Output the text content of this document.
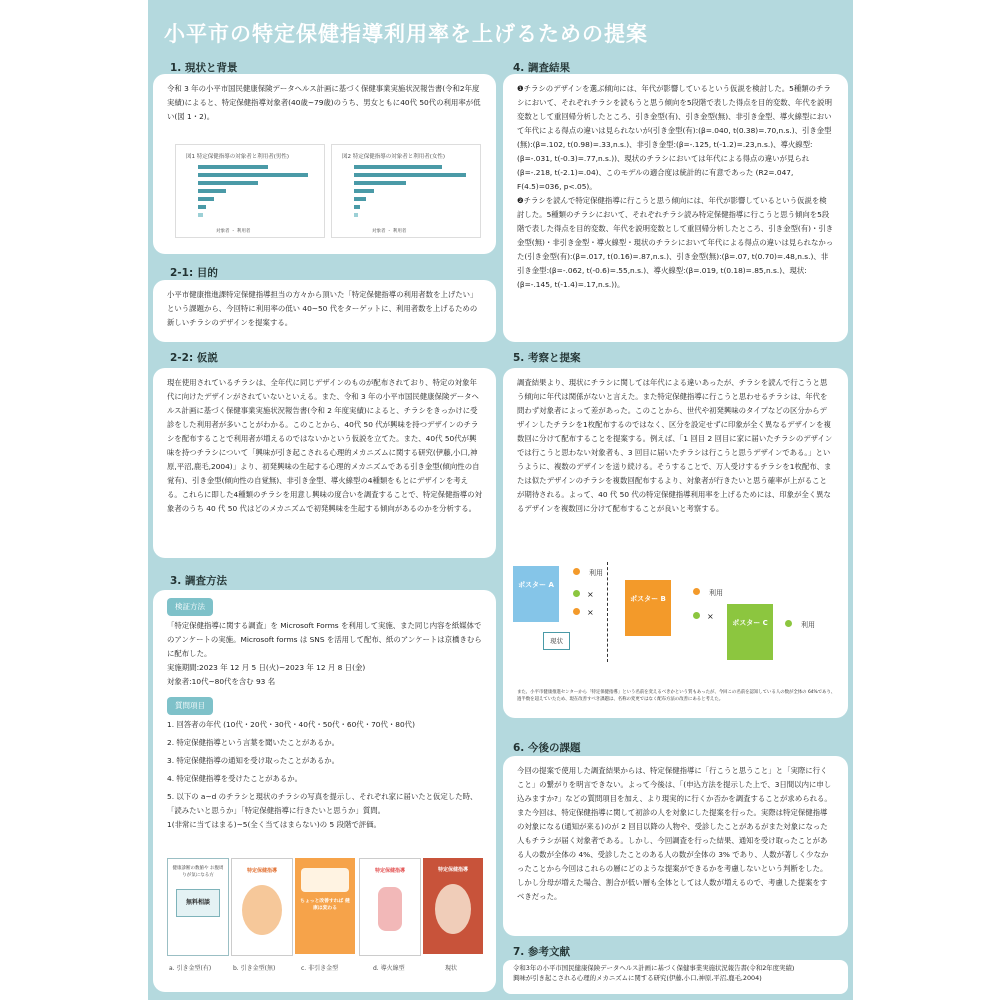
小平市の特定保健指導利用率を上げるための提案
1. 現状と背景

令和 3 年の小平市国民健康保険データヘルス計画に基づく保健事業実施状況報告書(令和2年度実績)によると、特定保健指導対象者(40歳~79歳)のうち、男女ともに40代 50代の利用率が低い(図 1・2)。

図1 特定保健指導の対象者と利用者(男性)
対象者 ・ 利用者
図2 特定保健指導の対象者と利用者(女性)
対象者 ・ 利用者
2-1: 目的

小平市健康推進課特定保健指導担当の方々から頂いた「特定保健指導の利用者数を上げたい」という課題から、今回特に利用率の低い 40~50 代をターゲットに、利用者数を上げるための新しいチラシのデザインを提案する。

2-2: 仮説

現在使用されているチラシは、全年代に同じデザインのものが配布されており、特定の対象年代に向けたデザインがされていないといえる。また、令和 3 年の小平市国民健康保険データヘルス計画に基づく保健事業実施状況報告書(令和 2 年度実績)によると、チラシをきっかけに受診をした利用者が多いことがわかる。このことから、40代 50 代が興味を持つデザインのチラシを配布することで利用者が増えるのではないかという仮説を立てた。また、40代 50代が興味を持つチラシについて「興味が引き起こされる心理的メカニズムに関する研究(伊藤,小口,神原,平沼,鹿毛,2004)」より、初発興味の生起する心理的メカニズムである引き金型(傾向性の自覚有)、引き金型(傾向性の自覚無)、非引き金型、導火線型の4種類をもとにデザインを考える。これらに即した4種類のチラシを用意し興味の度合いを調査することで、特定保健指導の対象者のうち 40 代 50 代はどのメカニズムで初発興味を生起する傾向があるのかを分析する。

3. 調査方法
検証方法

「特定保健指導に関する調査」を Microsoft Forms を利用して実施、また同じ内容を紙媒体でのアンケートの実施。Microsoft forms は SNS を活用して配布、紙のアンケートは京橋きむらに配布した。

実施期間:2023 年 12 月 5 日(火)~2023 年 12 月 8 日(金)

対象者:10代~80代を含む 93 名

質問項目

1. 回答者の年代 (10代・20代・30代・40代・50代・60代・70代・80代)

2. 特定保健指導という言葉を聞いたことがあるか。

3. 特定保健指導の通知を受け取ったことがあるか。

4. 特定保健指導を受けたことがあるか。

5. 以下の a~d のチラシと現状のチラシの写真を提示し、それぞれ家に届いたと仮定した時、「読みたいと思うか」「特定保健指導に行きたいと思うか」質問。

1(非常に当てはまる)~5(全く当てはまらない)の 5 段階で評価。

健康診断の数値や お腹周りが気になる方
無料相談
特定保健指導
ちょっと改善すれば 健康は変わる
特定保健指導	特定保健指導
a. 引き金型(有)	b. 引き金型(無)	c. 非引き金型	d. 導火線型	現状
4. 調査結果

❶チラシのデザインを選ぶ傾向には、年代が影響しているという仮説を検討した。5種類のチラシにおいて、それぞれチラシを読もうと思う傾向を5段階で表した得点を目的変数、年代を説明変数として重回帰分析したところ、引き金型(有)、引き金型(無)、非引き金型、導火線型において年代による得点の違いは見られないが(引き金型(有):(β=.040, t(0.38)=.70,n.s.)、引き金型(無):(β=.102, t(0.98)=.33,n.s.)、非引き金型:(β=-.125, t(-1.2)=.23,n.s.)、導火線型:(β=-.031, t(-0.3)=.77,n.s.))、現状のチラシにおいては年代による得点の違いが見られ (β=-.218, t(-2.1)=.04)、このモデルの適合度は統計的に有意であった (R2=.047, F(4.5)=036, p<.05)。

❷チラシを読んで特定保健指導に行こうと思う傾向には、年代が影響しているという仮説を検討した。5種類のチラシにおいて、それぞれチラシ読み特定保健指導に行こうと思う傾向を5段階で表した得点を目的変数、年代を説明変数として重回帰分析したところ、引き金型(有)・引き金型(無)・非引き金型・導火線型・現状のチラシにおいて年代による得点の違いは見られなかった(引き金型(有):(β=.017, t(0.16)=.87,n.s.)、引き金型(無):(β=.07, t(0.70)=.48,n.s.)、非引き金型:(β=-.062, t(-0.6)=.55,n.s.)、導火線型:(β=.019, t(0.18)=.85,n.s.)、現状:(β=-.145, t(-1.4)=.17,n.s.))。

5. 考察と提案

調査結果より、現状にチラシに関しては年代による違いあったが、チラシを読んで行こうと思う傾向に年代は関係がないと言えた。また特定保健指導に行こうと思わせるチラシは、年代を問わず対象者によって差があった。このことから、世代や初発興味のタイプなどの区分からデザインしたチラシを1枚配布するのではなく、区分を設定せずに印象が全く異なるデザインを複数回に分けて配布することを提案する。例えば、「1 回目 2 回目に家に届いたチラシのデザインでは行こうと思わない対象者も、3 回目に届いたチラシは行こうと思うデザインである。」というように、複数のデザインを送り続ける。そうすることで、万人受けするチラシを1枚配布、または似たデザインのチラシを複数回配布するより、対象者が行きたいと思う確率が上がることが期待される。よって、40 代 50 代の特定保健指導利用率を上げるためには、印象が全く異なるデザインを複数回に分けて配布することが良いと考察する。

ポスター A
利用
×
×
現状
ポスター B
利用
×
ポスター C	利用

また、小平市健康推進センターから「特定保健指導」という名前を変えるべきかという質もあったが、今回この名前を認知している人の数が全体の 64%であり、過半数を超えていたため、現在改善すべき課題は、名称の変更ではなく配布方法の改善にあると考えた。

6. 今後の課題

今回の提案で使用した調査結果からは、特定保健指導に「行こうと思うこと」と「実際に行くこと」の繋がりを明言できない。よって今後は、「(申込方法を提示した上で、3日間以内に申し込みますか?」などの質問項目を加え、より現実的に行くか否かを調査することが求められる。また今回は、特定保健指導に関して初診の人を対象にした提案を行った。実際は特定保健指導の対象になる(通知が来る)のが 2 回目以降の人物や、受診したことがあるがまた対象になった人もチラシが届く対象者である。しかし、今回調査を行った結果、通知を受け取ったことがある人の数が全体の 4%、受診したことのある人の数が全体の 3% であり、人数が著しく少なかったことから今回はこれらの層にどのような提案ができるかを考慮しないという判断をした。しかし分母が増えた場合、割合が低い層も全体としては人数が増えるので、考慮した提案をすべきだった。

7. 参考文献

令和3年の小平市国民健康保険データヘルス計画に基づく保健事業実施状況報告書(令和2年度実績)

興味が引き起こされる心理的メカニズムに関する研究(伊藤,小口,神原,平沼,鹿毛,2004)
